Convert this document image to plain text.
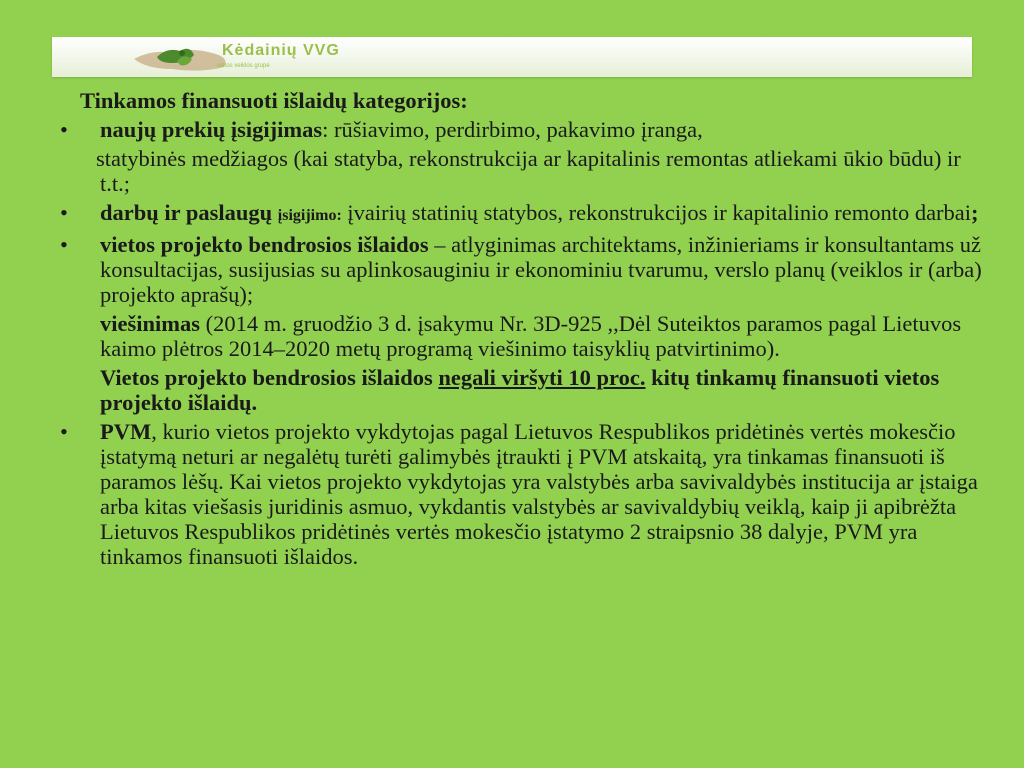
Kėdainių VVG
vietos veiklos grupė

Tinkamos finansuoti išlaidų kategorijos:

•	naujų prekių įsigijimas: rūšiavimo, perdirbimo, pakavimo įranga,

statybinės medžiagos (kai statyba, rekonstrukcija ar kapitalinis remontas atliekami ūkio būdu) ir t.t.;

•	darbų ir paslaugų įsigijimo: įvairių statinių statybos, rekonstrukcijos ir kapitalinio remonto darbai;
•	vietos projekto bendrosios išlaidos – atlyginimas architektams, inžinieriams ir konsultantams už konsultacijas, susijusias su aplinkosauginiu ir ekonominiu tvarumu, verslo planų (veiklos ir (arba) projekto aprašų);

viešinimas (2014 m. gruodžio 3 d. įsakymu Nr. 3D-925 ,,Dėl Suteiktos paramos pagal Lietuvos kaimo plėtros 2014–2020 metų programą viešinimo taisyklių patvirtinimo).

Vietos projekto bendrosios išlaidos negali viršyti 10 proc. kitų tinkamų finansuoti vietos projekto išlaidų.

•	PVM, kurio vietos projekto vykdytojas pagal Lietuvos Respublikos pridėtinės vertės mokesčio įstatymą neturi ar negalėtų turėti galimybės įtraukti į PVM atskaitą, yra tinkamas finansuoti iš paramos lėšų. Kai vietos projekto vykdytojas yra valstybės arba savivaldybės institucija ar įstaiga arba kitas viešasis juridinis asmuo, vykdantis valstybės ar savivaldybių veiklą, kaip ji apibrėžta Lietuvos Respublikos pridėtinės vertės mokesčio įstatymo 2 straipsnio 38 dalyje, PVM yra tinkamos finansuoti išlaidos.
